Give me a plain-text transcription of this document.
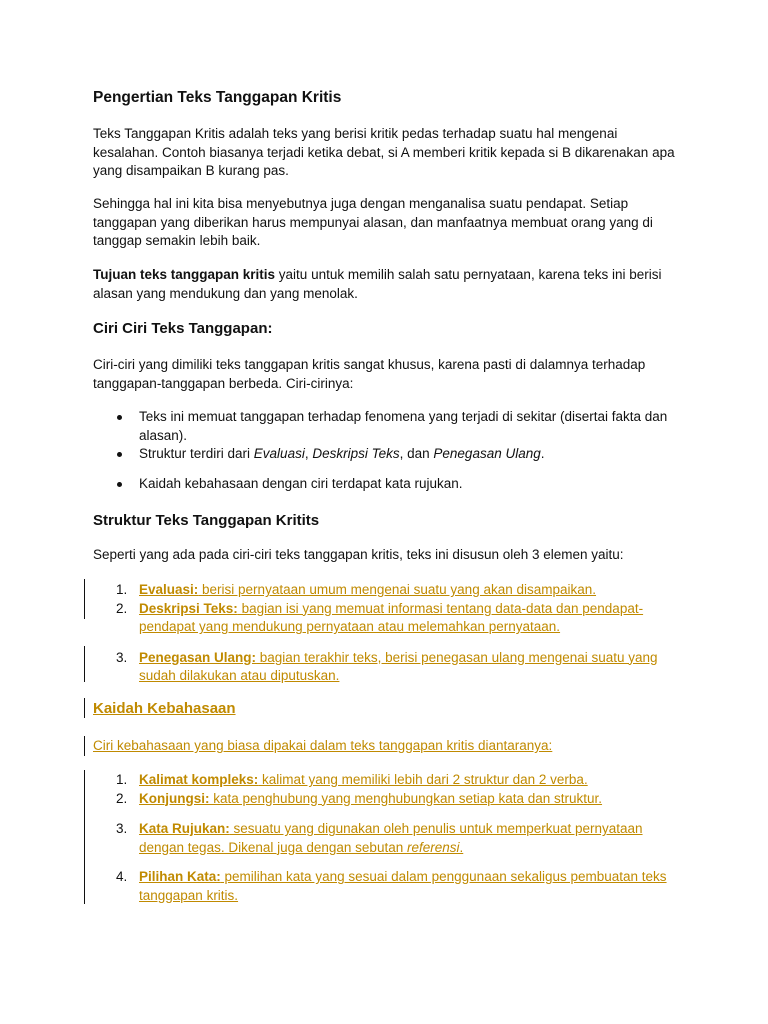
Pengertian Teks Tanggapan Kritis

Teks Tanggapan Kritis adalah teks yang berisi kritik pedas terhadap suatu hal mengenai kesalahan. Contoh biasanya terjadi ketika debat, si A memberi kritik kepada si B dikarenakan apa yang disampaikan B kurang pas.

Sehingga hal ini kita bisa menyebutnya juga dengan menganalisa suatu pendapat. Setiap tanggapan yang diberikan harus mempunyai alasan, dan manfaatnya membuat orang yang di tanggap semakin lebih baik.

Tujuan teks tanggapan kritis yaitu untuk memilih salah satu pernyataan, karena teks ini berisi alasan yang mendukung dan yang menolak.

Ciri Ciri Teks Tanggapan:

Ciri-ciri yang dimiliki teks tanggapan kritis sangat khusus, karena pasti di dalamnya terhadap tanggapan-tanggapan berbeda. Ciri-cirinya:

Teks ini memuat tanggapan terhadap fenomena yang terjadi di sekitar (disertai fakta dan alasan).
Struktur terdiri dari Evaluasi, Deskripsi Teks, dan Penegasan Ulang.
Kaidah kebahasaan dengan ciri terdapat kata rujukan.
Struktur Teks Tanggapan Kritits

Seperti yang ada pada ciri-ciri teks tanggapan kritis, teks ini disusun oleh 3 elemen yaitu:

1. Evaluasi: berisi pernyataan umum mengenai suatu yang akan disampaikan.
2. Deskripsi Teks: bagian isi yang memuat informasi tentang data-data dan pendapat-pendapat yang mendukung pernyataan atau melemahkan pernyataan.
3. Penegasan Ulang: bagian terakhir teks, berisi penegasan ulang mengenai suatu yang sudah dilakukan atau diputuskan.
Kaidah Kebahasaan

Ciri kebahasaan yang biasa dipakai dalam teks tanggapan kritis diantaranya:

1. Kalimat kompleks: kalimat yang memiliki lebih dari 2 struktur dan 2 verba.
2. Konjungsi: kata penghubung yang menghubungkan setiap kata dan struktur.
3. Kata Rujukan: sesuatu yang digunakan oleh penulis untuk memperkuat pernyataan dengan tegas. Dikenal juga dengan sebutan referensi.
4. Pilihan Kata: pemilihan kata yang sesuai dalam penggunaan sekaligus pembuatan teks tanggapan kritis.
